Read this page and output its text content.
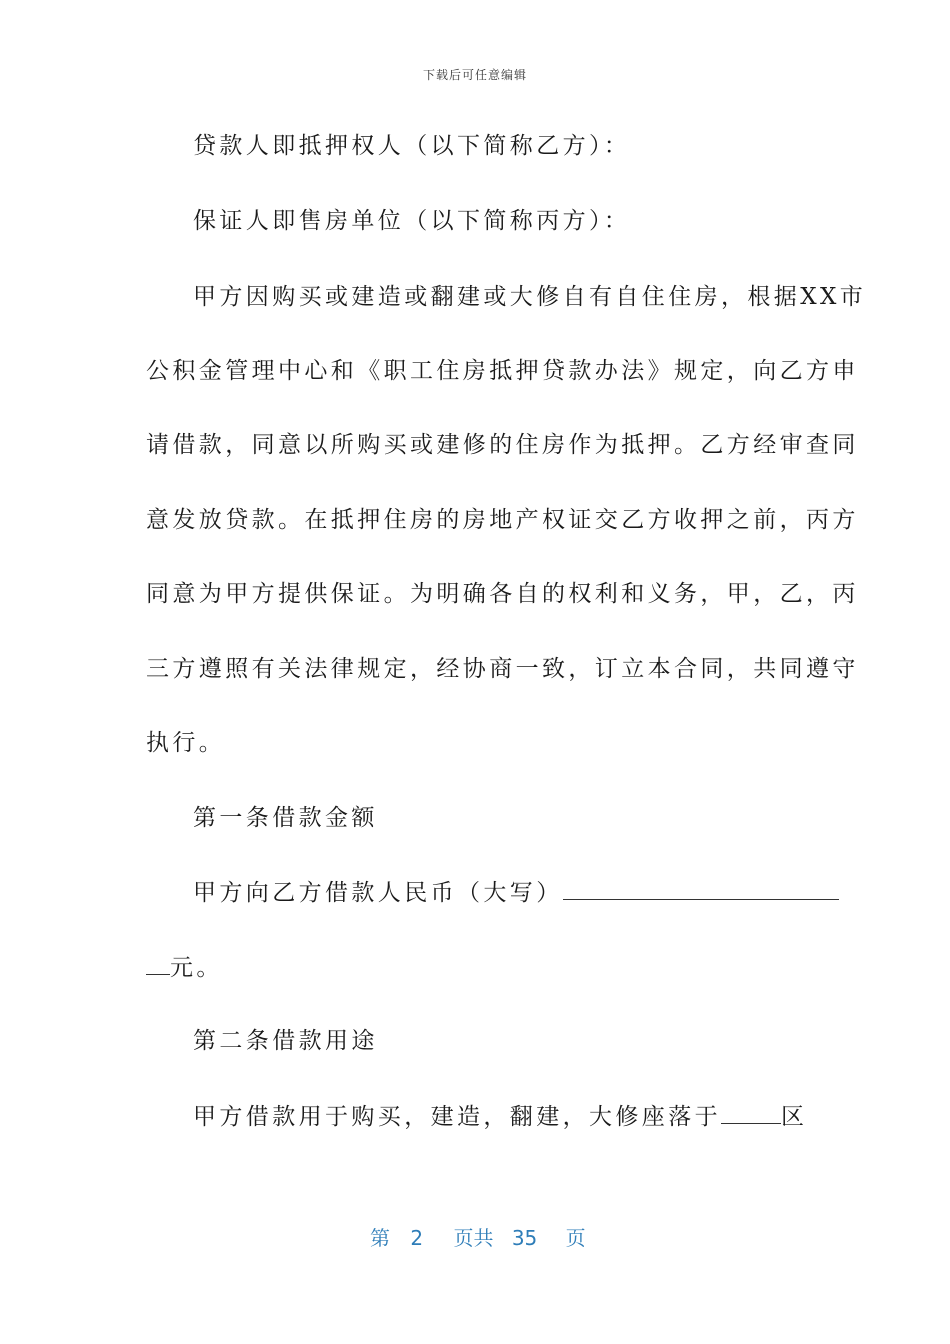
下载后可任意编辑
贷款人即抵押权人（以下简称乙方）：
保证人即售房单位（以下简称丙方）：
甲方因购买或建造或翻建或大修自有自住住房，根据XX市
公积金管理中心和《职工住房抵押贷款办法》规定，向乙方申
请借款，同意以所购买或建修的住房作为抵押。乙方经审查同
意发放贷款。在抵押住房的房地产权证交乙方收押之前，丙方
同意为甲方提供保证。为明确各自的权利和义务，甲，乙，丙
三方遵照有关法律规定，经协商一致，订立本合同，共同遵守
执行。
第一条借款金额
甲方向乙方借款人民币（大写）
元。
第二条借款用途
甲方借款用于购买，建造，翻建，大修座落于	区
第 2 页共 35 页
